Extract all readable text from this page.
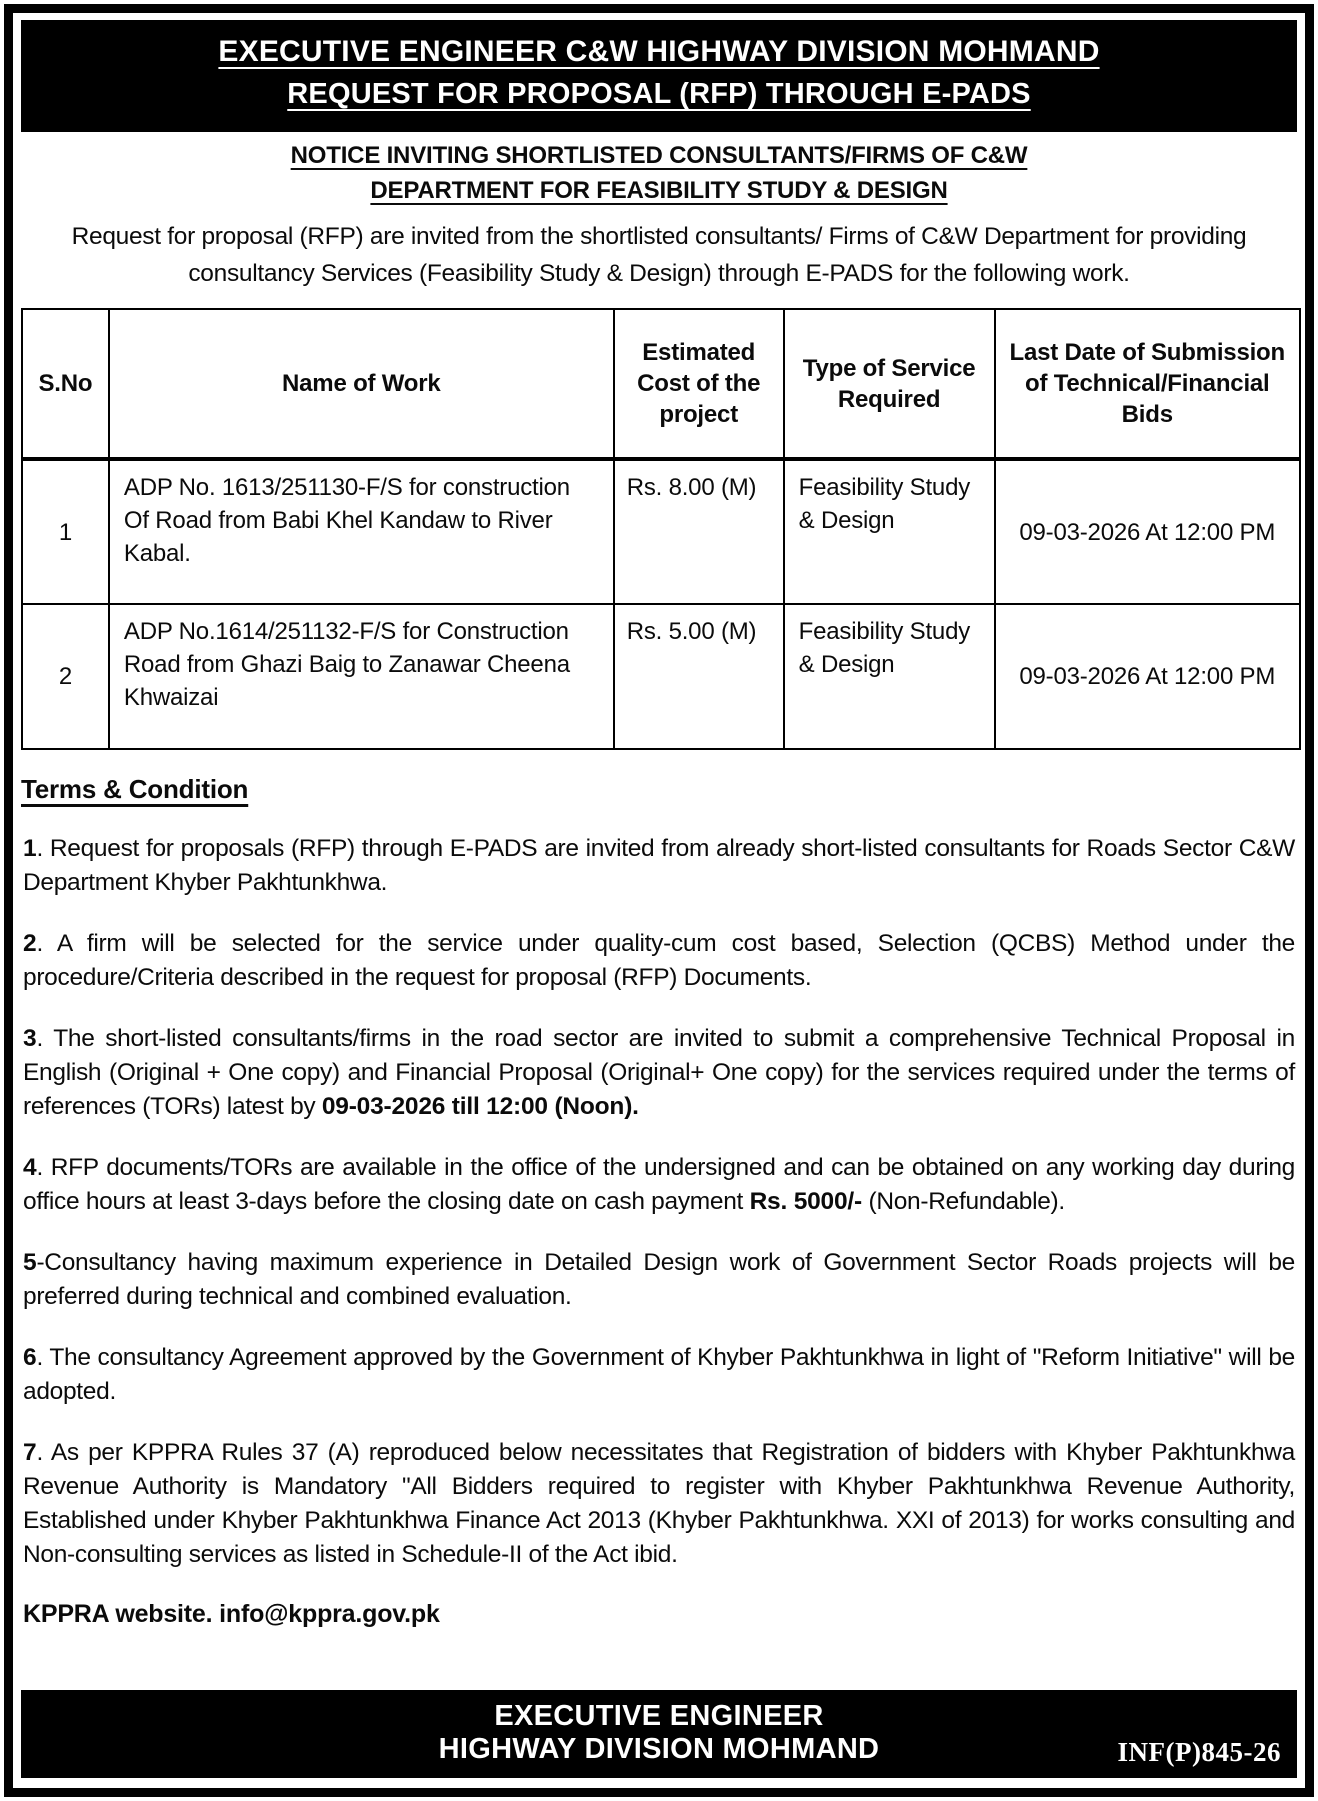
EXECUTIVE ENGINEER C&W HIGHWAY DIVISION MOHMAND
REQUEST FOR PROPOSAL (RFP) THROUGH E-PADS
NOTICE INVITING SHORTLISTED CONSULTANTS/FIRMS OF C&W
DEPARTMENT FOR FEASIBILITY STUDY & DESIGN
Request for proposal (RFP) are invited from the shortlisted consultants/ Firms of C&W Department for providing consultancy Services (Feasibility Study & Design) through E-PADS for the following work.
S.No	Name of Work	Estimated Cost of the project	Type of Service Required	Last Date of Submission of Technical/Financial Bids
1	ADP No. 1613/251130-F/S for construction Of Road from Babi Khel Kandaw to River Kabal.	Rs. 8.00 (M)	Feasibility Study & Design	09-03-2026 At 12:00 PM
2	ADP No.1614/251132-F/S for Construction Road from Ghazi Baig to Zanawar Cheena Khwaizai	Rs. 5.00 (M)	Feasibility Study & Design	09-03-2026 At 12:00 PM
Terms & Condition

1. Request for proposals (RFP) through E-PADS are invited from already short-listed consultants for Roads Sector C&W Department Khyber Pakhtunkhwa.

2. A firm will be selected for the service under quality-cum cost based, Selection (QCBS) Method under the procedure/Criteria described in the request for proposal (RFP) Documents.

3. The short-listed consultants/firms in the road sector are invited to submit a comprehensive Technical Proposal in English (Original + One copy) and Financial Proposal (Original+ One copy) for the services required under the terms of references (TORs) latest by 09-03-2026 till 12:00 (Noon).

4. RFP documents/TORs are available in the office of the undersigned and can be obtained on any working day during office hours at least 3-days before the closing date on cash payment Rs. 5000/- (Non-Refundable).

5-Consultancy having maximum experience in Detailed Design work of Government Sector Roads projects will be preferred during technical and combined evaluation.

6. The consultancy Agreement approved by the Government of Khyber Pakhtunkhwa in light of "Reform Initiative" will be adopted.

7. As per KPPRA Rules 37 (A) reproduced below necessitates that Registration of bidders with Khyber Pakhtunkhwa Revenue Authority is Mandatory "All Bidders required to register with Khyber Pakhtunkhwa Revenue Authority, Established under Khyber Pakhtunkhwa Finance Act 2013 (Khyber Pakhtunkhwa. XXI of 2013) for works consulting and Non-consulting services as listed in Schedule-II of the Act ibid.

KPPRA website. info@kppra.gov.pk
EXECUTIVE ENGINEER
HIGHWAY DIVISION MOHMAND	INF(P)845-26
